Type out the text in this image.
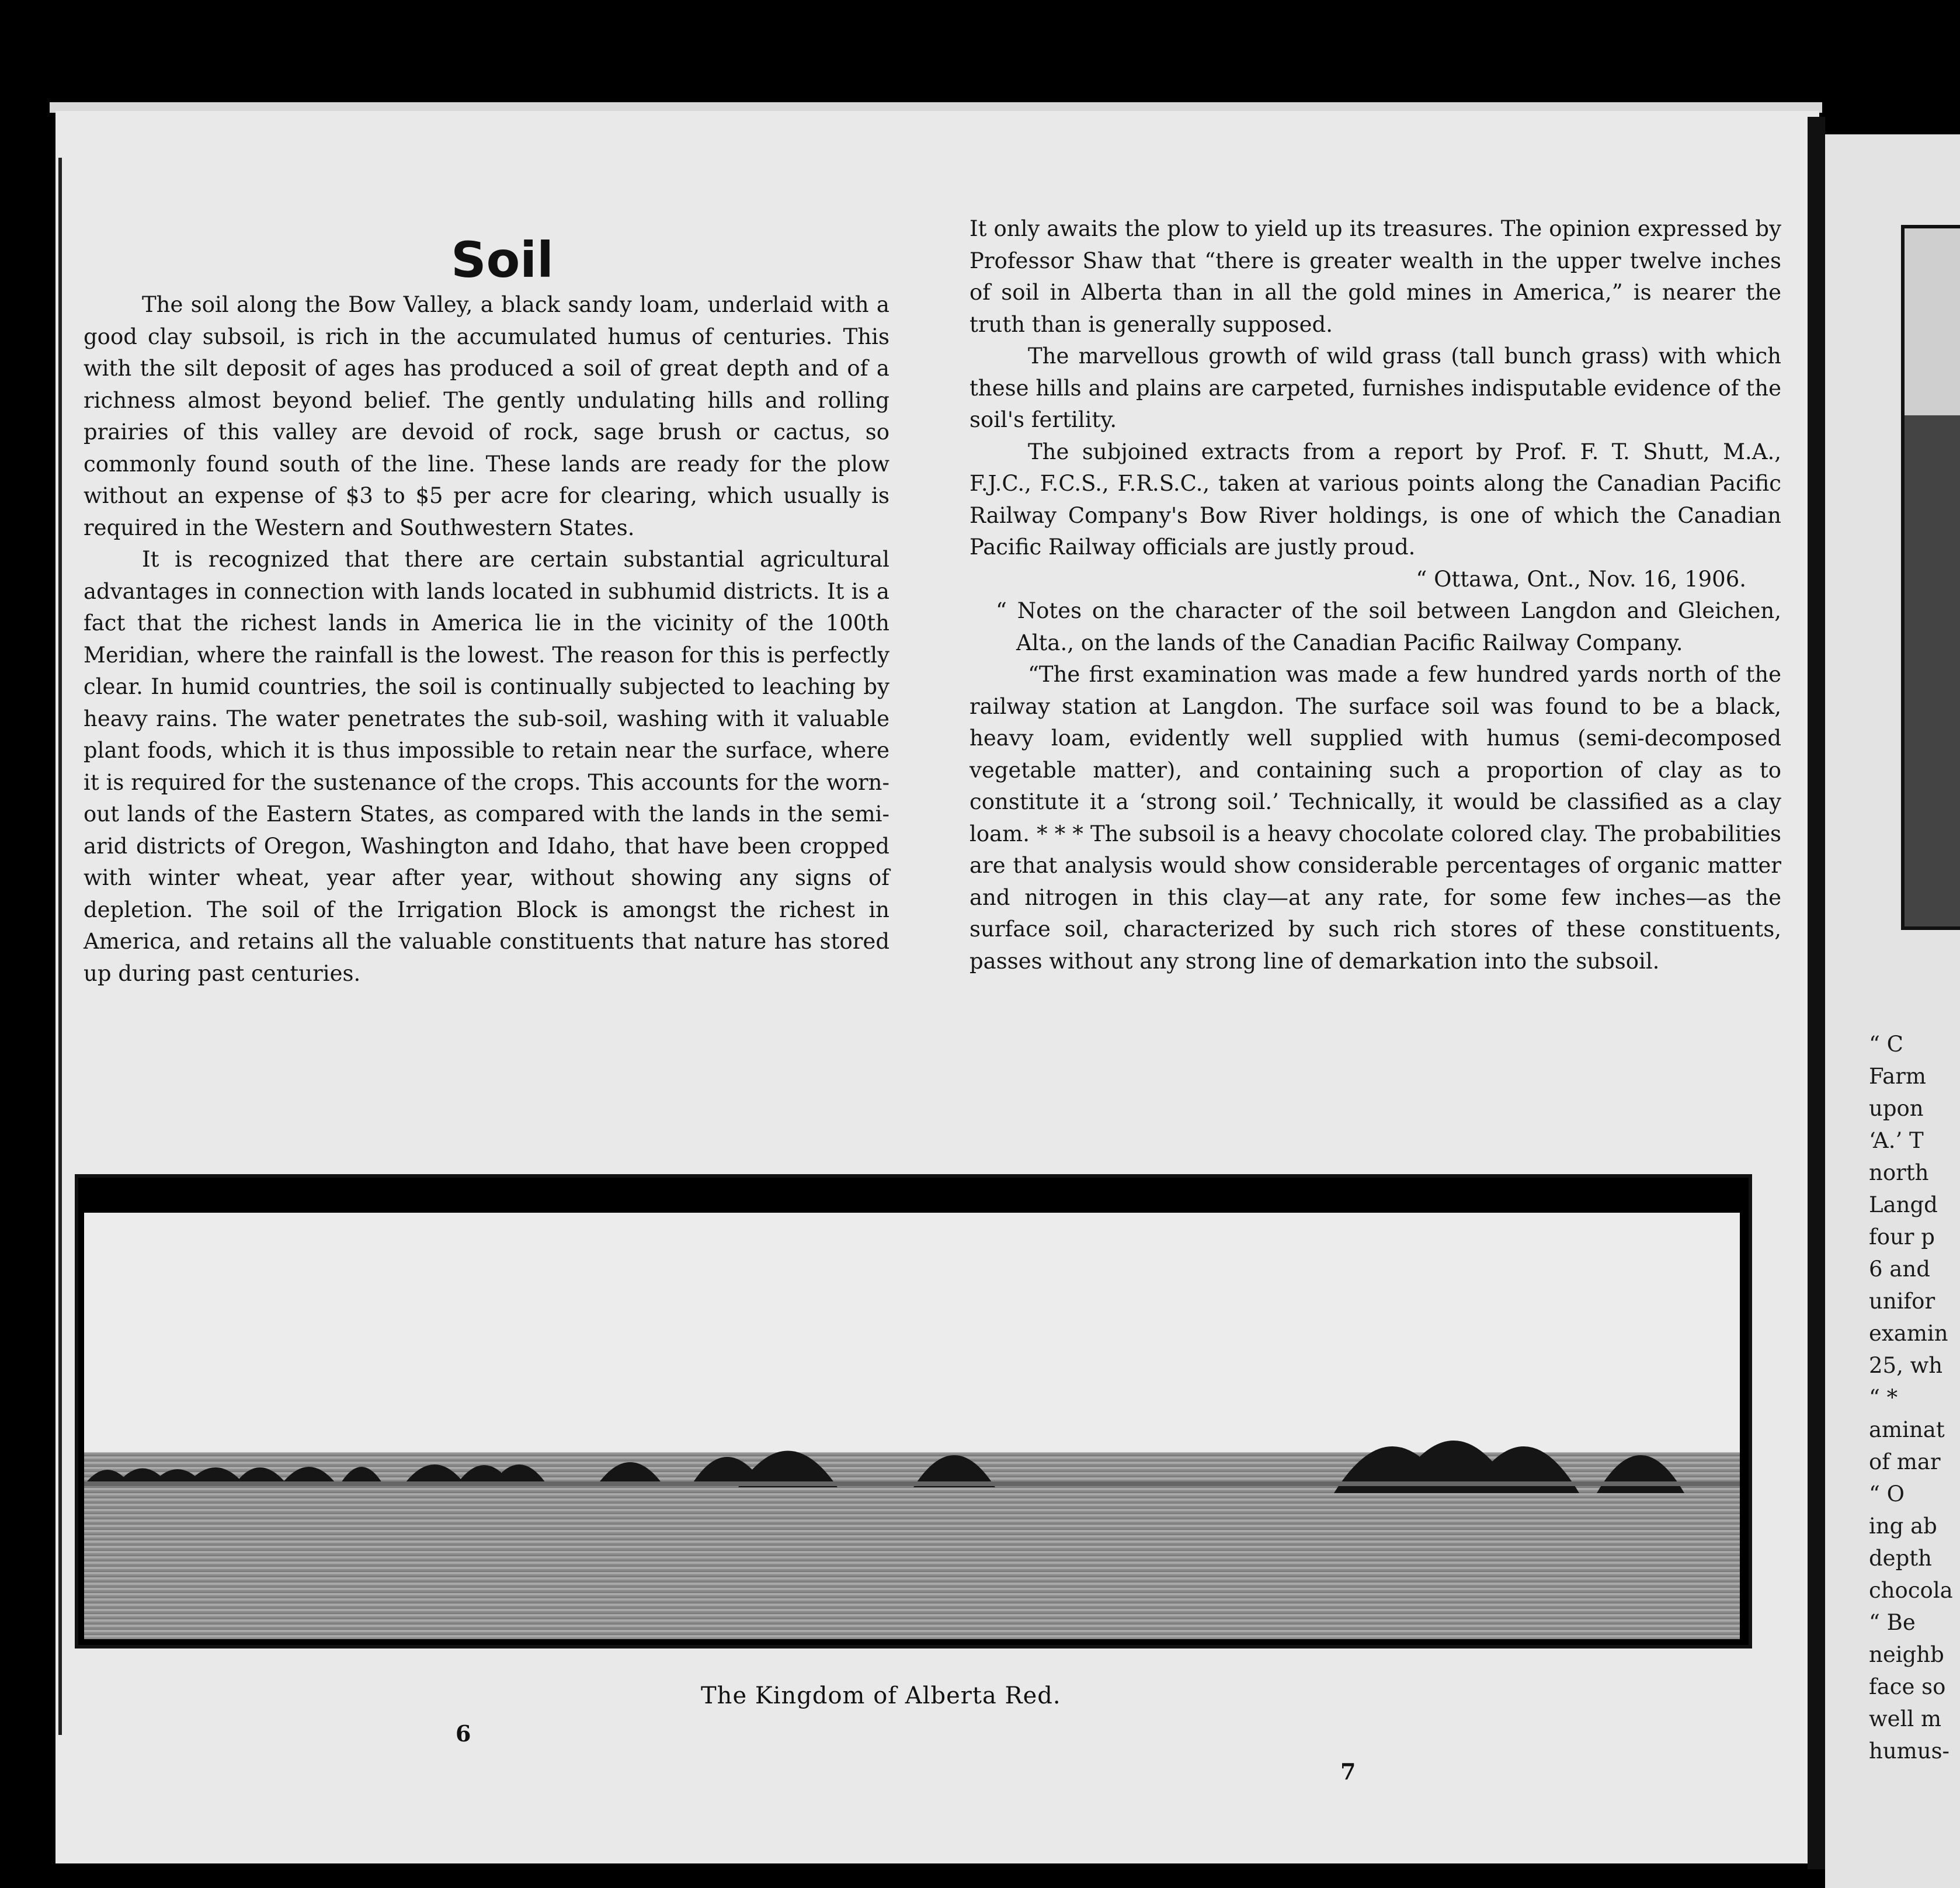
Soil

The soil along the Bow Valley, a black sandy loam, underlaid with a good clay subsoil, is rich in the accumulated humus of centuries. This with the silt deposit of ages has produced a soil of great depth and of a richness almost beyond belief. The gently undulating hills and rolling prairies of this valley are devoid of rock, sage brush or cactus, so commonly found south of the line. These lands are ready for the plow without an expense of $3 to $5 per acre for clearing, which usually is required in the Western and Southwestern States.

It is recognized that there are certain substantial agricultural advantages in connection with lands located in subhumid districts. It is a fact that the richest lands in America lie in the vicinity of the 100th Meridian, where the rainfall is the lowest. The reason for this is perfectly clear. In humid countries, the soil is continually subjected to leaching by heavy rains. The water penetrates the sub-soil, washing with it valuable plant foods, which it is thus impossible to retain near the surface, where it is required for the sustenance of the crops. This accounts for the worn-out lands of the Eastern States, as compared with the lands in the semi-arid districts of Oregon, Washington and Idaho, that have been cropped with winter wheat, year after year, without showing any signs of depletion. The soil of the Irrigation Block is amongst the richest in America, and retains all the valuable constituents that nature has stored up during past centuries.

It only awaits the plow to yield up its treasures. The opinion expressed by Professor Shaw that “there is greater wealth in the upper twelve inches of soil in Alberta than in all the gold mines in America,” is nearer the truth than is generally supposed.

The marvellous growth of wild grass (tall bunch grass) with which these hills and plains are carpeted, furnishes indisputable evidence of the soil's fertility.

The subjoined extracts from a report by Prof. F. T. Shutt, M.A., F.J.C., F.C.S., F.R.S.C., taken at various points along the Canadian Pacific Railway Company's Bow River holdings, is one of which the Canadian Pacific Railway officials are justly proud.

“ Ottawa, Ont., Nov. 16, 1906.

“ Notes on the character of the soil between Langdon and Gleichen, Alta., on the lands of the Canadian Pacific Railway Company.

“The first examination was made a few hundred yards north of the railway station at Langdon. The surface soil was found to be a black, heavy loam, evidently well supplied with humus (semi-decomposed vegetable matter), and containing such a proportion of clay as to constitute it a ‘strong soil.’ Technically, it would be classified as a clay loam. * * * The subsoil is a heavy chocolate colored clay. The probabilities are that analysis would show considerable percentages of organic matter and nitrogen in this clay—at any rate, for some few inches—as the surface soil, characterized by such rich stores of these constituents, passes without any strong line of demarkation into the subsoil.

The Kingdom of Alberta Red.
6
7
“ C
Farm
upon
‘A.’ T
north
Langd
four p
6 and
unifor
examin
25, wh
“ *
aminat
of mar
“ O
ing ab
depth
chocola
“ Be
neighb
face so
well m
humus-
